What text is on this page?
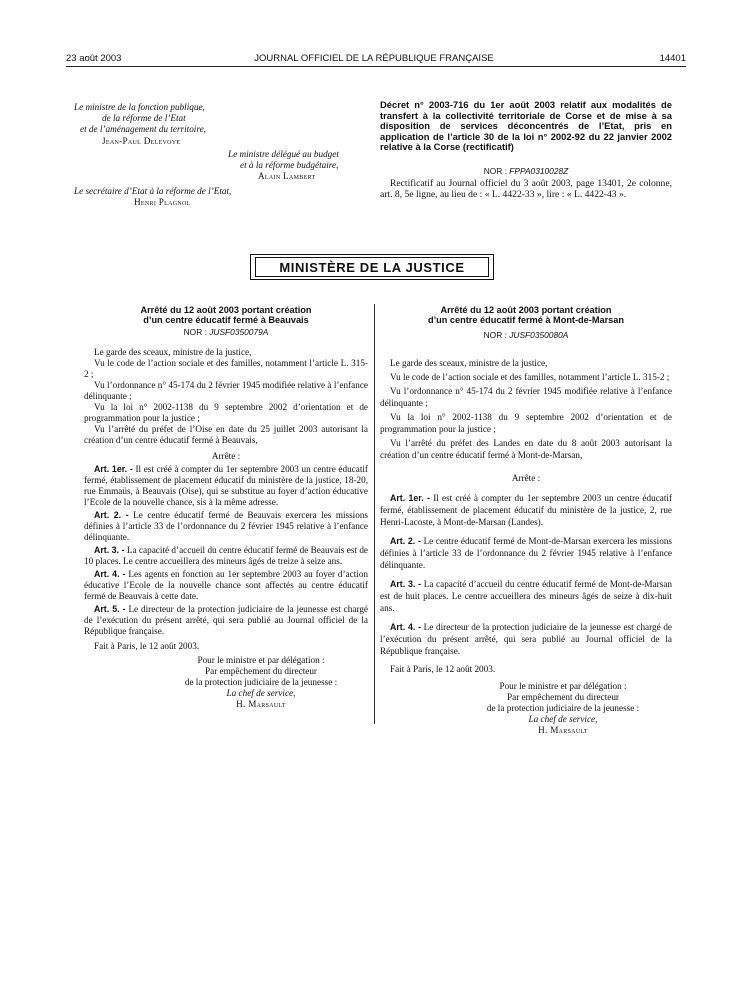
23 août 2003	JOURNAL OFFICIEL DE LA RÉPUBLIQUE FRANÇAISE	14401

Le ministre de la fonction publique,

de la réforme de l’Etat

et de l’aménagement du territoire,

Jean-Paul Delevoye

Le ministre délégué au budget

et à la réforme budgétaire,

Alain Lambert
Le secrétaire d’Etat à la réforme de l’Etat,
Henri Plagnol
Décret n° 2003-716 du 1er août 2003 relatif aux modalités de transfert à la collectivité territoriale de Corse et de mise à sa disposition de services déconcentrés de l’Etat, pris en application de l’article 30 de la loi n° 2002-92 du 22 janvier 2002 relative à la Corse (rectificatif)
NOR : FPPA0310028Z
Rectificatif au Journal officiel du 3 août 2003, page 13401, 2e colonne, art. 8, 5e ligne, au lieu de : « L. 4422-33 », lire : « L. 4422-43 ».
MINISTÈRE DE LA JUSTICE

Arrêté du 12 août 2003 portant création

d’un centre éducatif fermé à Beauvais

NOR : JUSF0350079A

Le garde des sceaux, ministre de la justice,

Vu le code de l’action sociale et des familles, notamment l’article L. 315-2 ;

Vu l’ordonnance n° 45-174 du 2 février 1945 modifiée relative à l’enfance délinquante ;

Vu la loi n° 2002-1138 du 9 septembre 2002 d’orientation et de programmation pour la justice ;

Vu l’arrêté du préfet de l’Oise en date du 25 juillet 2003 autorisant la création d’un centre éducatif fermé à Beauvais,

Arrête :

Art. 1er. - Il est créé à compter du 1er septembre 2003 un centre éducatif fermé, établissement de placement éducatif du ministère de la justice, 18-20, rue Emmaüs, à Beauvais (Oise), qui se substitue au foyer d’action éducative l’Ecole de la nouvelle chance, sis à la même adresse.

Art. 2. - Le centre éducatif fermé de Beauvais exercera les missions définies à l’article 33 de l’ordonnance du 2 février 1945 relative à l’enfance délinquante.

Art. 3. - La capacité d’accueil du centre éducatif fermé de Beauvais est de 10 places. Le centre accueillera des mineurs âgés de treize à seize ans.

Art. 4. - Les agents en fonction au 1er septembre 2003 au foyer d’action éducative l’Ecole de la nouvelle chance sont affectés au centre éducatif fermé de Beauvais à cette date.

Art. 5. - Le directeur de la protection judiciaire de la jeunesse est chargé de l’exécution du présent arrêté, qui sera publié au Journal officiel de la République française.

Fait à Paris, le 12 août 2003.

Pour le ministre et par délégation :

Par empêchement du directeur

de la protection judiciaire de la jeunesse :

La chef de service,

H. Marsault

Arrêté du 12 août 2003 portant création

d’un centre éducatif fermé à Mont-de-Marsan

NOR : JUSF0350080A

Le garde des sceaux, ministre de la justice,

Vu le code de l’action sociale et des familles, notamment l’article L. 315-2 ;

Vu l’ordonnance n° 45-174 du 2 février 1945 modifiée relative à l’enfance délinquante ;

Vu la loi n° 2002-1138 du 9 septembre 2002 d’orientation et de programmation pour la justice ;

Vu l’arrêté du préfet des Landes en date du 8 août 2003 autorisant la création d’un centre éducatif fermé à Mont-de-Marsan,

Arrête :

Art. 1er. - Il est créé à compter du 1er septembre 2003 un centre éducatif fermé, établissement de placement éducatif du ministère de la justice, 2, rue Henri-Lacoste, à Mont-de-Marsan (Landes).

Art. 2. - Le centre éducatif fermé de Mont-de-Marsan exercera les missions définies à l’article 33 de l’ordonnance du 2 février 1945 relative à l’enfance délinquante.

Art. 3. - La capacité d’accueil du centre éducatif fermé de Mont-de-Marsan est de huit places. Le centre accueillera des mineurs âgés de seize à dix-huit ans.

Art. 4. - Le directeur de la protection judiciaire de la jeunesse est chargé de l’exécution du présent arrêté, qui sera publié au Journal officiel de la République française.

Fait à Paris, le 12 août 2003.

Pour le ministre et par délégation :

Par empêchement du directeur

de la protection judiciaire de la jeunesse :

La chef de service,

H. Marsault
